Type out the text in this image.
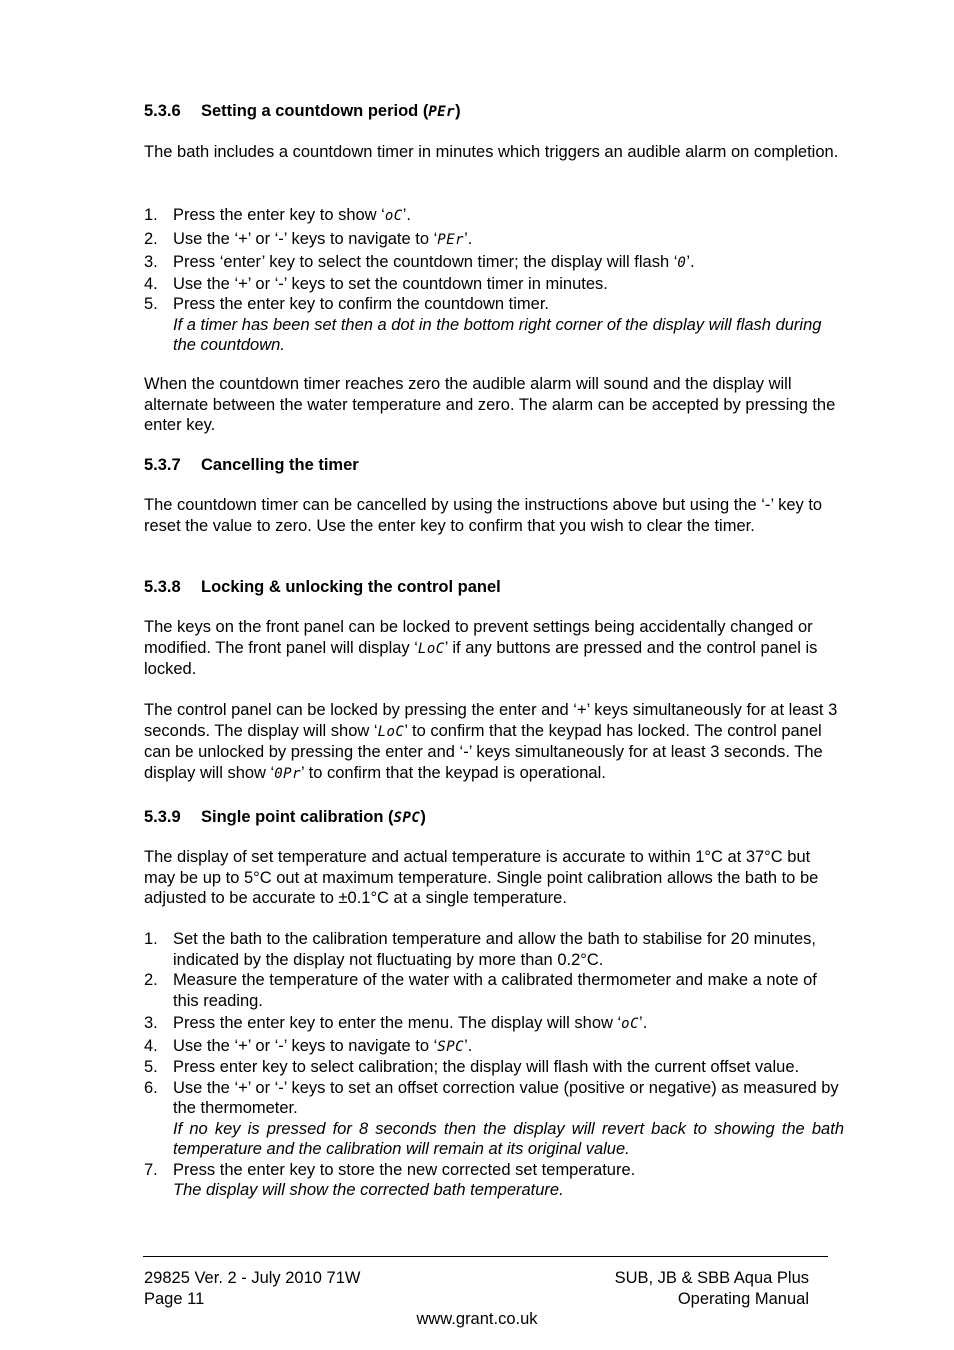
5.3.6 Setting a countdown period (PEr)
The bath includes a countdown timer in minutes which triggers an audible alarm on completion.
1. Press the enter key to show ‘oC’.
2. Use the ‘+’ or ‘-’ keys to navigate to ‘PEr’.
3. Press ‘enter’ key to select the countdown timer; the display will flash ‘0’.
4. Use the ‘+’ or ‘-’ keys to set the countdown timer in minutes.
5. Press the enter key to confirm the countdown timer.
If a timer has been set then a dot in the bottom right corner of the display will flash during the countdown.
When the countdown timer reaches zero the audible alarm will sound and the display will alternate between the water temperature and zero. The alarm can be accepted by pressing the enter key.
5.3.7 Cancelling the timer
The countdown timer can be cancelled by using the instructions above but using the ‘-’ key to reset the value to zero. Use the enter key to confirm that you wish to clear the timer.
5.3.8 Locking & unlocking the control panel
The keys on the front panel can be locked to prevent settings being accidentally changed or modified. The front panel will display ‘LoC’ if any buttons are pressed and the control panel is locked.
The control panel can be locked by pressing the enter and ‘+’ keys simultaneously for at least 3 seconds. The display will show ‘LoC’ to confirm that the keypad has locked. The control panel can be unlocked by pressing the enter and ‘-’ keys simultaneously for at least 3 seconds. The display will show ‘0Pr’ to confirm that the keypad is operational.
5.3.9 Single point calibration (SPC)
The display of set temperature and actual temperature is accurate to within 1°C at 37°C but may be up to 5°C out at maximum temperature. Single point calibration allows the bath to be adjusted to be accurate to ±0.1°C at a single temperature.
1. Set the bath to the calibration temperature and allow the bath to stabilise for 20 minutes, indicated by the display not fluctuating by more than 0.2°C.
2. Measure the temperature of the water with a calibrated thermometer and make a note of this reading.
3. Press the enter key to enter the menu. The display will show ‘oC’.
4. Use the ‘+’ or ‘-’ keys to navigate to ‘SPC’.
5. Press enter key to select calibration; the display will flash with the current offset value.
6. Use the ‘+’ or ‘-’ keys to set an offset correction value (positive or negative) as measured by the thermometer.
If no key is pressed for 8 seconds then the display will revert back to showing the bath temperature and the calibration will remain at its original value.
7. Press the enter key to store the new corrected set temperature.
The display will show the corrected bath temperature.
29825 Ver. 2 - July 2010 71W
Page 11
SUB, JB & SBB Aqua Plus
Operating Manual
www.grant.co.uk
